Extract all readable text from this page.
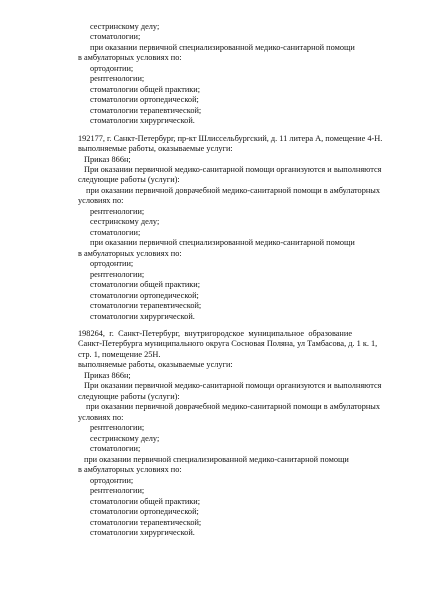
сестринскому делу;
стоматологии;
при оказании первичной специализированной медико-санитарной помощи
в амбулаторных условиях по:
ортодонтии;
рентгенологии;
стоматологии общей практики;
стоматологии ортопедической;
стоматологии терапевтической;
стоматологии хирургической.
192177, г. Санкт-Петербург, пр-кт Шлиссельбургский, д. 11 литера А, помещение 4-Н.
выполняемые работы, оказываемые услуги:
Приказ 866н;
При оказании первичной медико-санитарной помощи организуются и выполняются
следующие работы (услуги):
при оказании первичной доврачебной медико-санитарной помощи в амбулаторных
условиях по:
рентгенологии;
сестринскому делу;
стоматологии;
при оказании первичной специализированной медико-санитарной помощи
в амбулаторных условиях по:
ортодонтии;
рентгенологии;
стоматологии общей практики;
стоматологии ортопедической;
стоматологии терапевтической;
стоматологии хирургической.
198264, г. Санкт-Петербург, внутригородское муниципальное образование
Санкт-Петербурга муниципального округа Сосновая Поляна, ул Тамбасова, д. 1 к. 1,
стр. 1, помещение 25Н.
выполняемые работы, оказываемые услуги:
Приказ 866н;
При оказании первичной медико-санитарной помощи организуются и выполняются
следующие работы (услуги):
при оказании первичной доврачебной медико-санитарной помощи в амбулаторных
условиях по:
рентгенологии;
сестринскому делу;
стоматологии;
при оказании первичной специализированной медико-санитарной помощи
в амбулаторных условиях по:
ортодонтии;
рентгенологии;
стоматологии общей практики;
стоматологии ортопедической;
стоматологии терапевтической;
стоматологии хирургической.
